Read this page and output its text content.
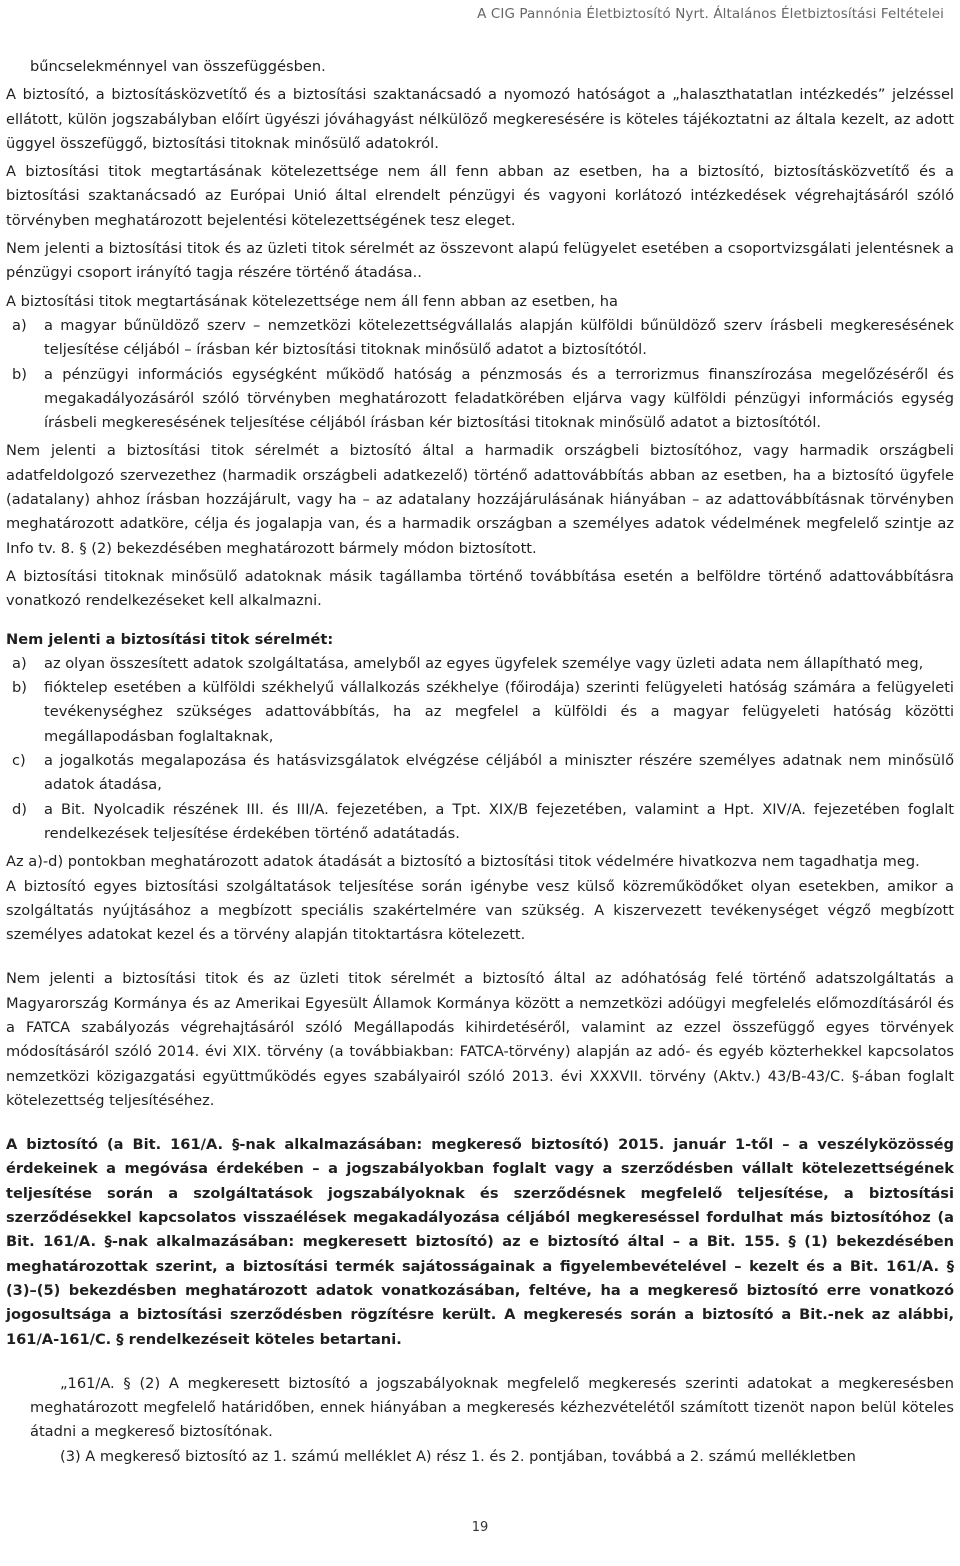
A CIG Pannónia Életbiztosító Nyrt. Általános Életbiztosítási Feltételei

bűncselekménnyel van összefüggésben.

A biztosító, a biztosításközvetítő és a biztosítási szaktanácsadó a nyomozó hatóságot a „halaszthatatlan intézkedés” jelzéssel ellátott, külön jogszabályban előírt ügyészi jóváhagyást nélkülöző megkeresésére is köteles tájékoztatni az általa kezelt, az adott üggyel összefüggő, biztosítási titoknak minősülő adatokról.

A biztosítási titok megtartásának kötelezettsége nem áll fenn abban az esetben, ha a biztosító, biztosításközvetítő és a biztosítási szaktanácsadó az Európai Unió által elrendelt pénzügyi és vagyoni korlátozó intézkedések végrehajtásáról szóló törvényben meghatározott bejelentési kötelezettségének tesz eleget.

Nem jelenti a biztosítási titok és az üzleti titok sérelmét az összevont alapú felügyelet esetében a csoportvizsgálati jelentésnek a pénzügyi csoport irányító tagja részére történő átadása..

A biztosítási titok megtartásának kötelezettsége nem áll fenn abban az esetben, ha

a) a magyar bűnüldöző szerv – nemzetközi kötelezettségvállalás alapján külföldi bűnüldöző szerv írásbeli megkeresésének teljesítése céljából – írásban kér biztosítási titoknak minősülő adatot a biztosítótól.
b) a pénzügyi információs egységként működő hatóság a pénzmosás és a terrorizmus finanszírozása megelőzéséről és megakadályozásáról szóló törvényben meghatározott feladatkörében eljárva vagy külföldi pénzügyi információs egység írásbeli megkeresésének teljesítése céljából írásban kér biztosítási titoknak minősülő adatot a biztosítótól.

Nem jelenti a biztosítási titok sérelmét a biztosító által a harmadik országbeli biztosítóhoz, vagy harmadik országbeli adatfeldolgozó szervezethez (harmadik országbeli adatkezelő) történő adattovábbítás abban az esetben, ha a biztosító ügyfele (adatalany) ahhoz írásban hozzájárult, vagy ha – az adatalany hozzájárulásának hiányában – az adattovábbításnak törvényben meghatározott adatköre, célja és jogalapja van, és a harmadik országban a személyes adatok védelmének megfelelő szintje az Info tv. 8. § (2) bekezdésében meghatározott bármely módon biztosított.

A biztosítási titoknak minősülő adatoknak másik tagállamba történő továbbítása esetén a belföldre történő adattovábbításra vonatkozó rendelkezéseket kell alkalmazni.

Nem jelenti a biztosítási titok sérelmét:

a) az olyan összesített adatok szolgáltatása, amelyből az egyes ügyfelek személye vagy üzleti adata nem állapítható meg,
b) fióktelep esetében a külföldi székhelyű vállalkozás székhelye (főirodája) szerinti felügyeleti hatóság számára a felügyeleti tevékenységhez szükséges adattovábbítás, ha az megfelel a külföldi és a magyar felügyeleti hatóság közötti megállapodásban foglaltaknak,
c) a jogalkotás megalapozása és hatásvizsgálatok elvégzése céljából a miniszter részére személyes adatnak nem minősülő adatok átadása,
d) a Bit. Nyolcadik részének III. és III/A. fejezetében, a Tpt. XIX/B fejezetében, valamint a Hpt. XIV/A. fejezetében foglalt rendelkezések teljesítése érdekében történő adatátadás.

Az a)-d) pontokban meghatározott adatok átadását a biztosító a biztosítási titok védelmére hivatkozva nem tagadhatja meg.

A biztosító egyes biztosítási szolgáltatások teljesítése során igénybe vesz külső közreműködőket olyan esetekben, amikor a szolgáltatás nyújtásához a megbízott speciális szakértelmére van szükség. A kiszervezett tevékenységet végző megbízott személyes adatokat kezel és a törvény alapján titoktartásra kötelezett.

Nem jelenti a biztosítási titok és az üzleti titok sérelmét a biztosító által az adóhatóság felé történő adatszolgáltatás a Magyarország Kormánya és az Amerikai Egyesült Államok Kormánya között a nemzetközi adóügyi megfelelés előmozdításáról és a FATCA szabályozás végrehajtásáról szóló Megállapodás kihirdetéséről, valamint az ezzel összefüggő egyes törvények módosításáról szóló 2014. évi XIX. törvény (a továbbiakban: FATCA-törvény) alapján az adó- és egyéb közterhekkel kapcsolatos nemzetközi közigazgatási együttműködés egyes szabályairól szóló 2013. évi XXXVII. törvény (Aktv.) 43/B-43/C. §-ában foglalt kötelezettség teljesítéséhez.

A biztosító (a Bit. 161/A. §-nak alkalmazásában: megkereső biztosító) 2015. január 1-től – a veszélyközösség érdekeinek a megóvása érdekében – a jogszabályokban foglalt vagy a szerződésben vállalt kötelezettségének teljesítése során a szolgáltatások jogszabályoknak és szerződésnek megfelelő teljesítése, a biztosítási szerződésekkel kapcsolatos visszaélések megakadályozása céljából megkereséssel fordulhat más biztosítóhoz (a Bit. 161/A. §-nak alkalmazásában: megkeresett biztosító) az e biztosító által – a Bit. 155. § (1) bekezdésében meghatározottak szerint, a biztosítási termék sajátosságainak a figyelembevételével – kezelt és a Bit. 161/A. § (3)–(5) bekezdésben meghatározott adatok vonatkozásában, feltéve, ha a megkereső biztosító erre vonatkozó jogosultsága a biztosítási szerződésben rögzítésre került. A megkeresés során a biztosító a Bit.-nek az alábbi, 161/A-161/C. § rendelkezéseit köteles betartani.

„161/A. § (2) A megkeresett biztosító a jogszabályoknak megfelelő megkeresés szerinti adatokat a megkeresésben meghatározott megfelelő határidőben, ennek hiányában a megkeresés kézhezvételétől számított tizenöt napon belül köteles átadni a megkereső biztosítónak.

(3) A megkereső biztosító az 1. számú melléklet A) rész 1. és 2. pontjában, továbbá a 2. számú mellékletben

19
